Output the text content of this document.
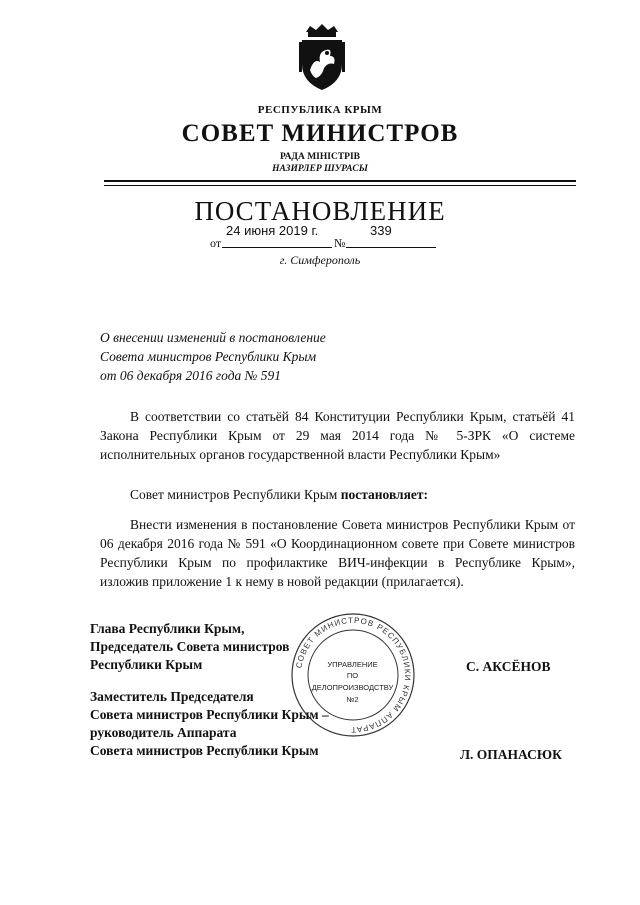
РЕСПУБЛИКА КРЫМ
СОВЕТ МИНИСТРОВ
РАДА МІНІСТРІВ
НАЗИРЛЕР ШУРАСЫ
ПОСТАНОВЛЕНИЕ
от
24 июня 2019 г.
№
339
г. Симферополь
О внесении изменений в постановление
Совета министров Республики Крым
от 06 декабря 2016 года № 591
В соответствии со статьёй 84 Конституции Республики Крым, статьёй 41 Закона Республики Крым от 29 мая 2014 года № 5-ЗРК «О системе исполнительных органов государственной власти Республики Крым»
Совет министров Республики Крым постановляет:
Внести изменения в постановление Совета министров Республики Крым от 06 декабря 2016 года № 591 «О Координационном совете при Совете министров Республики Крым по профилактике ВИЧ-инфекции в Республике Крым», изложив приложение 1 к нему в новой редакции (прилагается).
СОВЕТ МИНИСТРОВ РЕСПУБЛИКИ КРЫМ АППАРАТ
УПРАВЛЕНИЕ
ПО
ДЕЛОПРОИЗВОДСТВУ
№2
Глава Республики Крым,
Председатель Совета министров
Республики Крым	С. АКСЁНОВ
Заместитель Председателя
Совета министров Республики Крым –
руководитель Аппарата
Совета министров Республики Крым	Л. ОПАНАСЮК
